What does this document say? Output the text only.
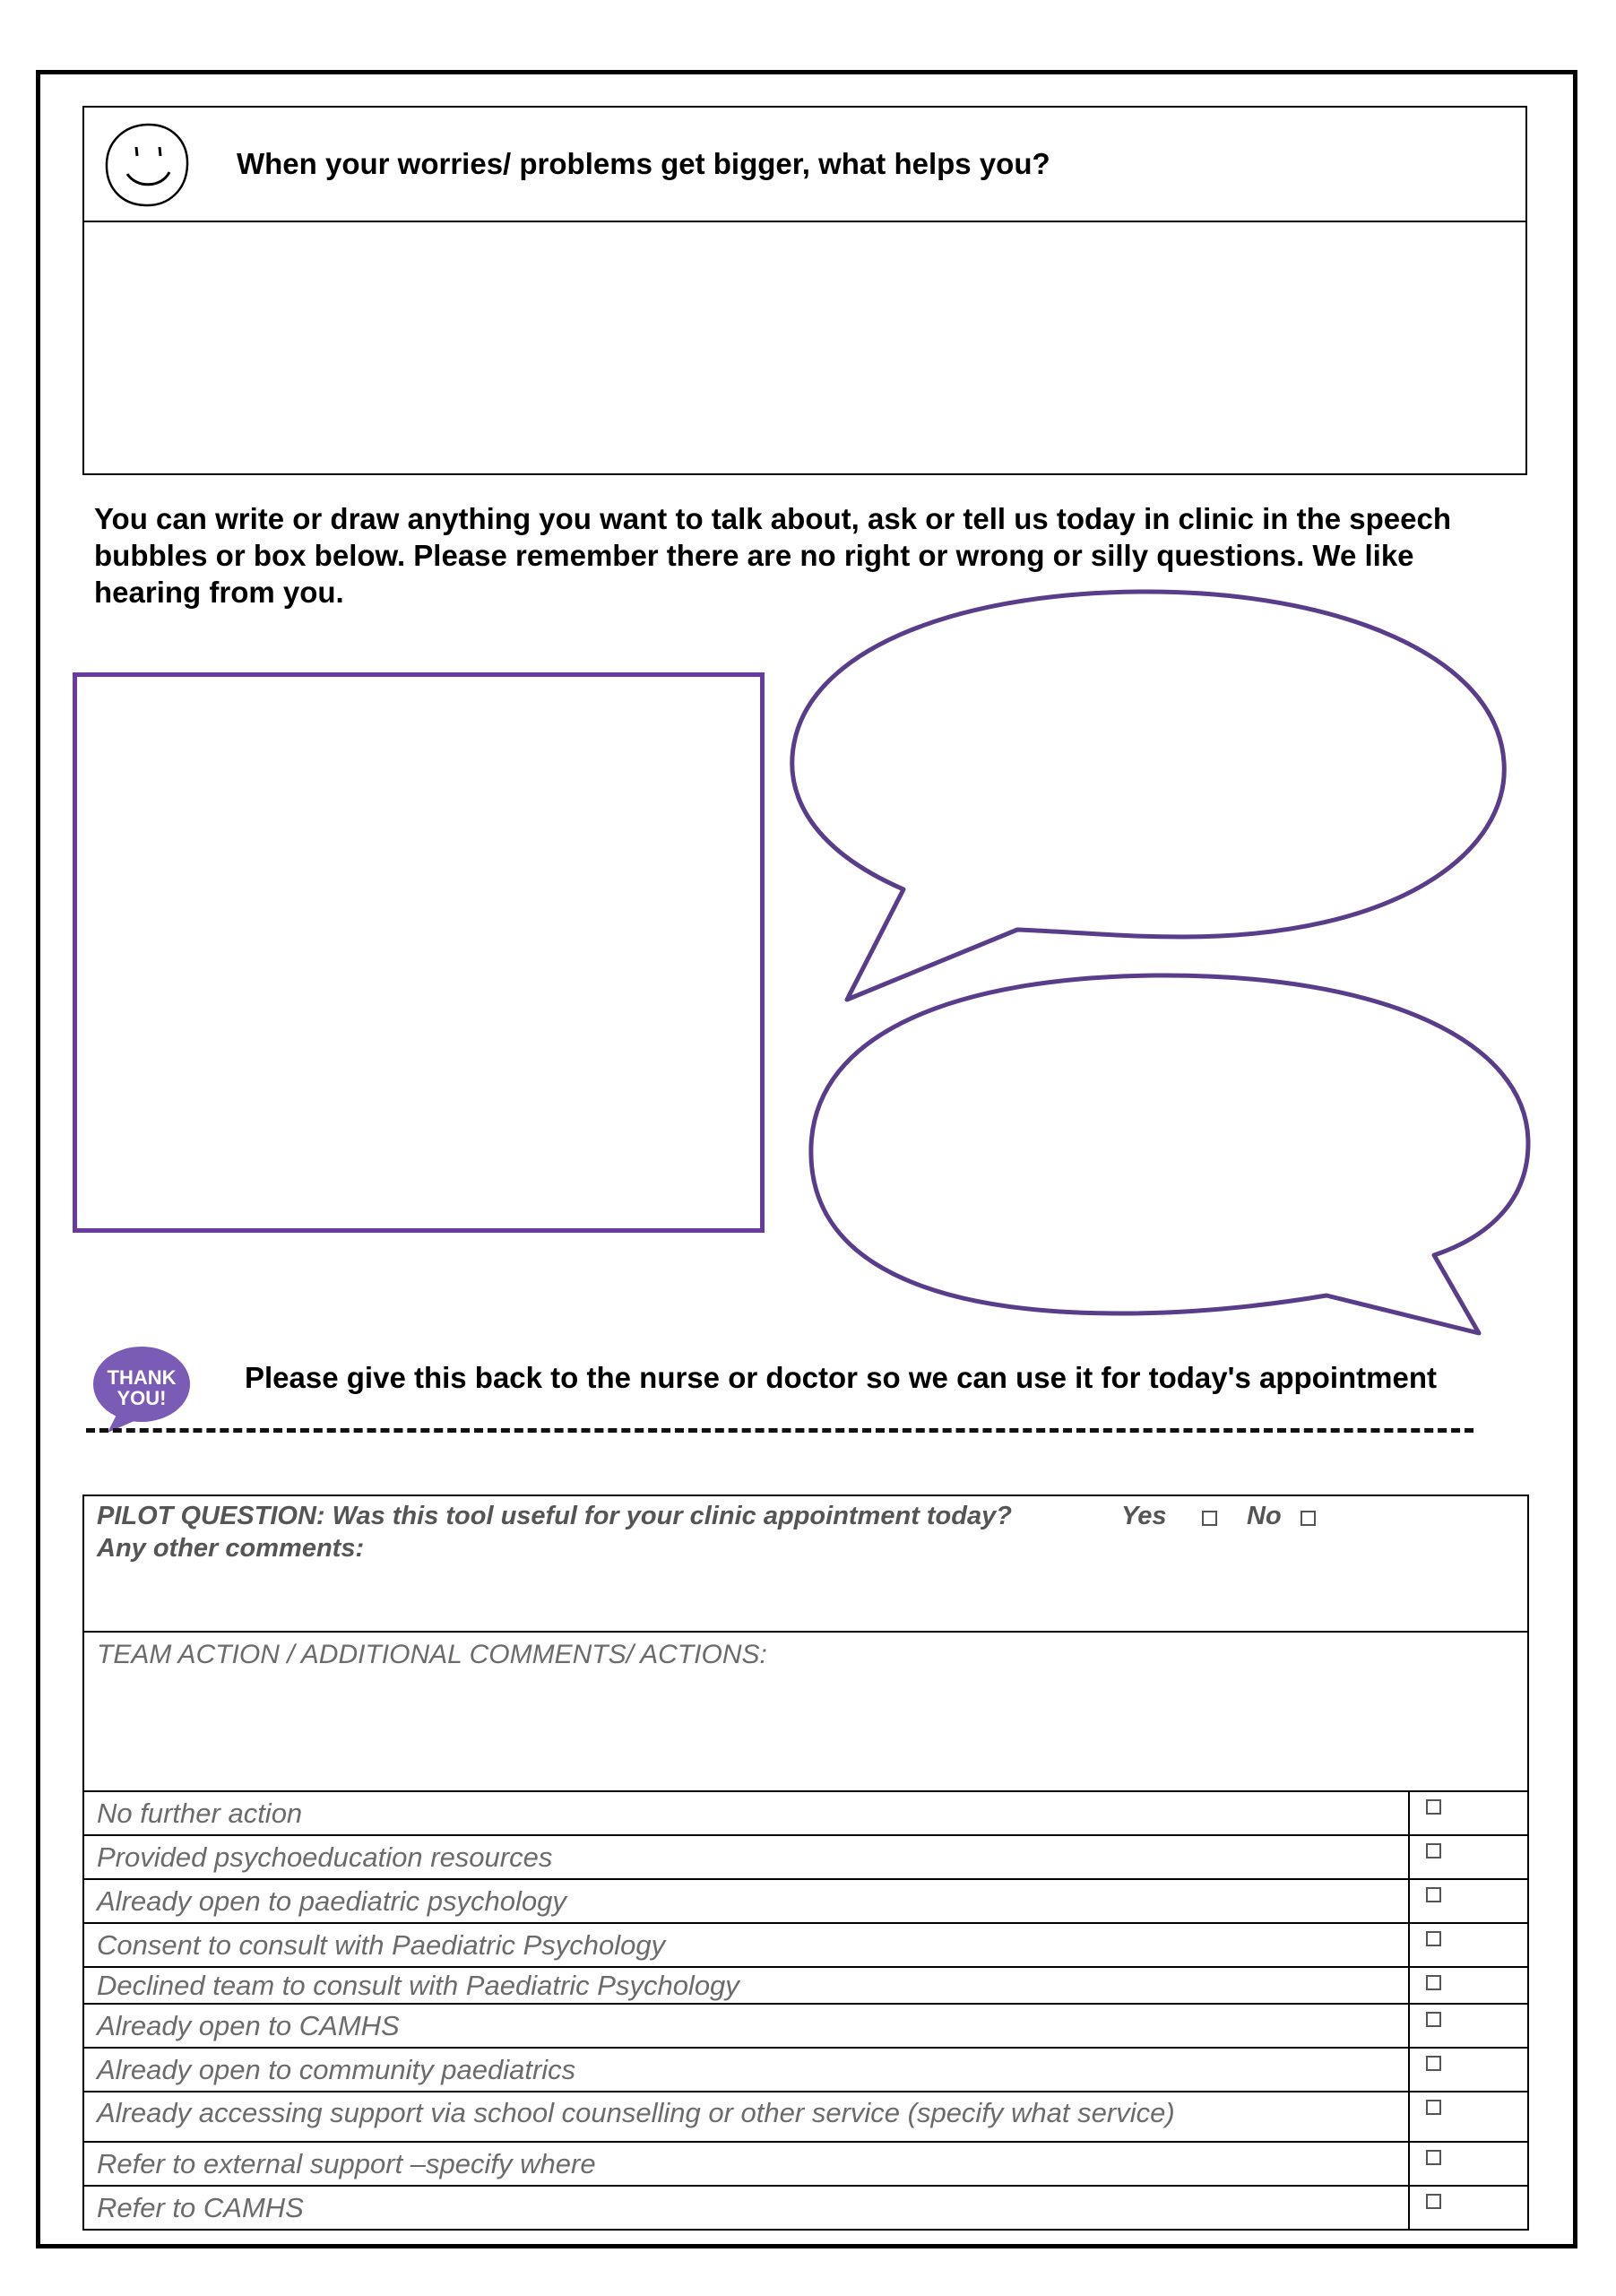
When your worries/ problems get bigger, what helps you?
You can write or draw anything you want to talk about, ask or tell us today in clinic in the speech
bubbles or box below. Please remember there are no right or wrong or silly questions. We like
hearing from you.
THANK
YOU!
Please give this back to the nurse or doctor so we can use it for today's appointment
PILOT QUESTION: Was this tool useful for your clinic appointment today?	Yes	No
Any other comments:
TEAM ACTION / ADDITIONAL COMMENTS/ ACTIONS:
No further action
Provided psychoeducation resources
Already open to paediatric psychology
Consent to consult with Paediatric Psychology
Declined team to consult with Paediatric Psychology
Already open to CAMHS
Already open to community paediatrics
Already accessing support via school counselling or other service (specify what service)
Refer to external support –specify where
Refer to CAMHS
